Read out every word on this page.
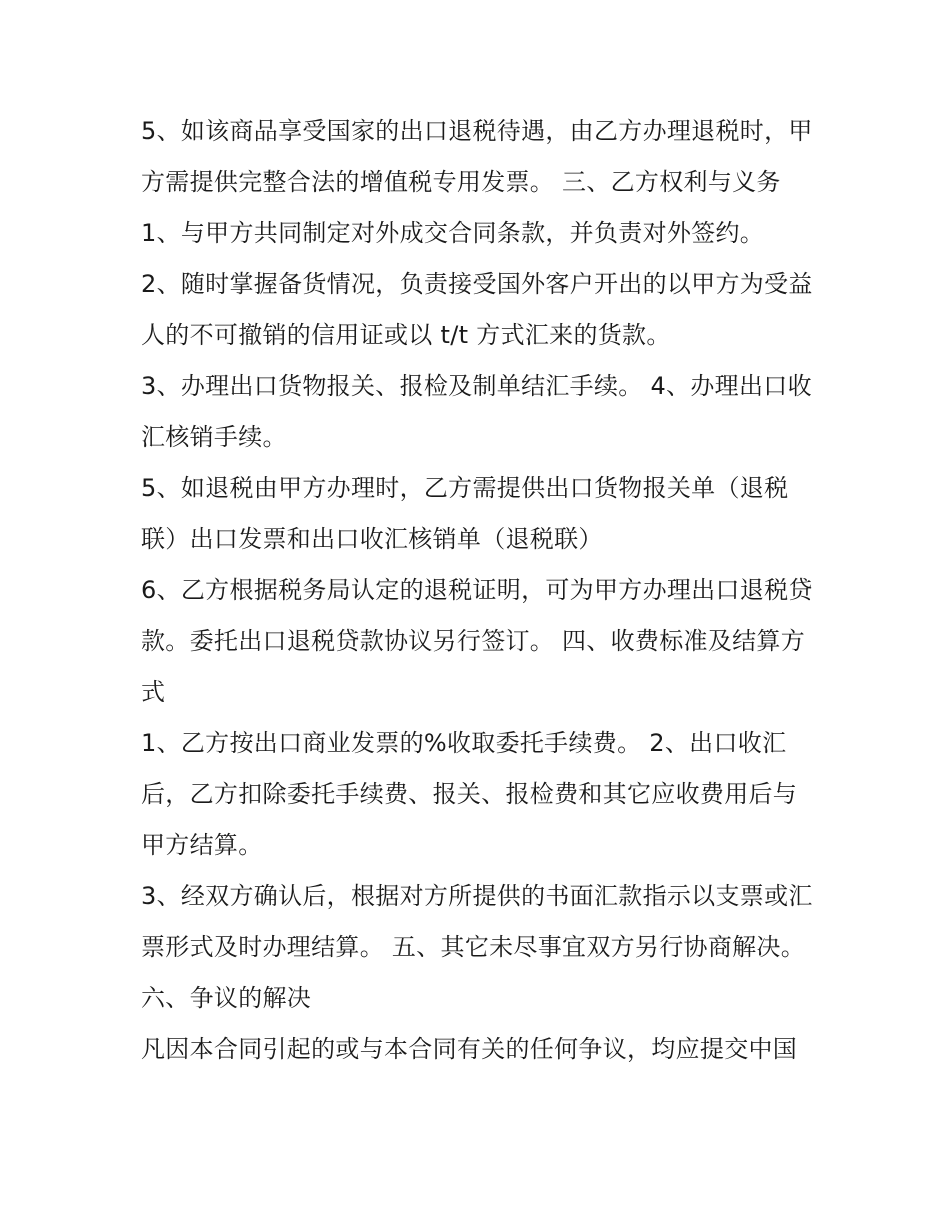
5、如该商品享受国家的出口退税待遇，由乙方办理退税时，甲方需提供完整合法的增值税专用发票。 三、乙方权利与义务

1、与甲方共同制定对外成交合同条款，并负责对外签约。

2、随时掌握备货情况，负责接受国外客户开出的以甲方为受益人的不可撤销的信用证或以 t/t 方式汇来的货款。

3、办理出口货物报关、报检及制单结汇手续。 4、办理出口收汇核销手续。

5、如退税由甲方办理时，乙方需提供出口货物报关单（退税联）出口发票和出口收汇核销单（退税联）

6、乙方根据税务局认定的退税证明，可为甲方办理出口退税贷款。委托出口退税贷款协议另行签订。 四、收费标准及结算方式

1、乙方按出口商业发票的%收取委托手续费。 2、出口收汇后，乙方扣除委托手续费、报关、报检费和其它应收费用后与甲方结算。

3、经双方确认后，根据对方所提供的书面汇款指示以支票或汇票形式及时办理结算。 五、其它未尽事宜双方另行协商解决。 六、争议的解决

凡因本合同引起的或与本合同有关的任何争议，均应提交中国
